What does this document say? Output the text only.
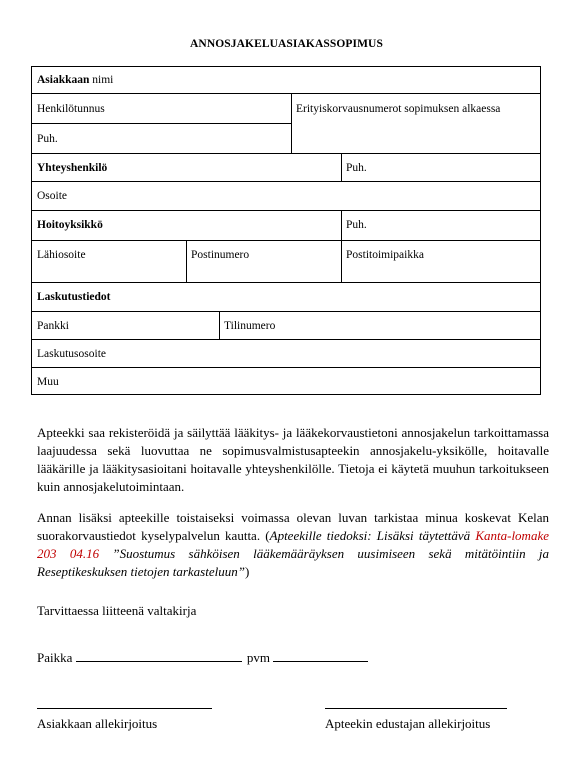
ANNOSJAKELUASIAKASSOPIMUS
Asiakkaan nimi
Henkilötunnus	Erityiskorvausnumerot sopimuksen alkaessa
Puh.
Yhteyshenkilö	Puh.
Osoite
Hoitoyksikkö	Puh.
Lähiosoite	Postinumero	Postitoimipaikka
Laskutustiedot
Pankki	Tilinumero
Laskutusosoite
Muu
Apteekki saa rekisteröidä ja säilyttää lääkitys- ja lääkekorvaustietoni annosjakelun tarkoittamassa laajuudessa sekä luovuttaa ne sopimusvalmistusapteekin annosjakelu-yksikölle, hoitavalle lääkärille ja lääkitysasioitani hoitavalle yhteyshenkilölle. Tietoja ei käytetä muuhun tarkoitukseen kuin annosjakelutoimintaan.
Annan lisäksi apteekille toistaiseksi voimassa olevan luvan tarkistaa minua koskevat Kelan suorakorvaustiedot kyselypalvelun kautta. (Apteekille tiedoksi: Lisäksi täytettävä Kanta-lomake 203 04.16 ”Suostumus sähköisen lääkemääräyksen uusimiseen sekä mitätöintiin ja Reseptikeskuksen tietojen tarkasteluun”)
Tarvittaessa liitteenä valtakirja
Paikka	pvm
Asiakkaan allekirjoitus	Apteekin edustajan allekirjoitus
